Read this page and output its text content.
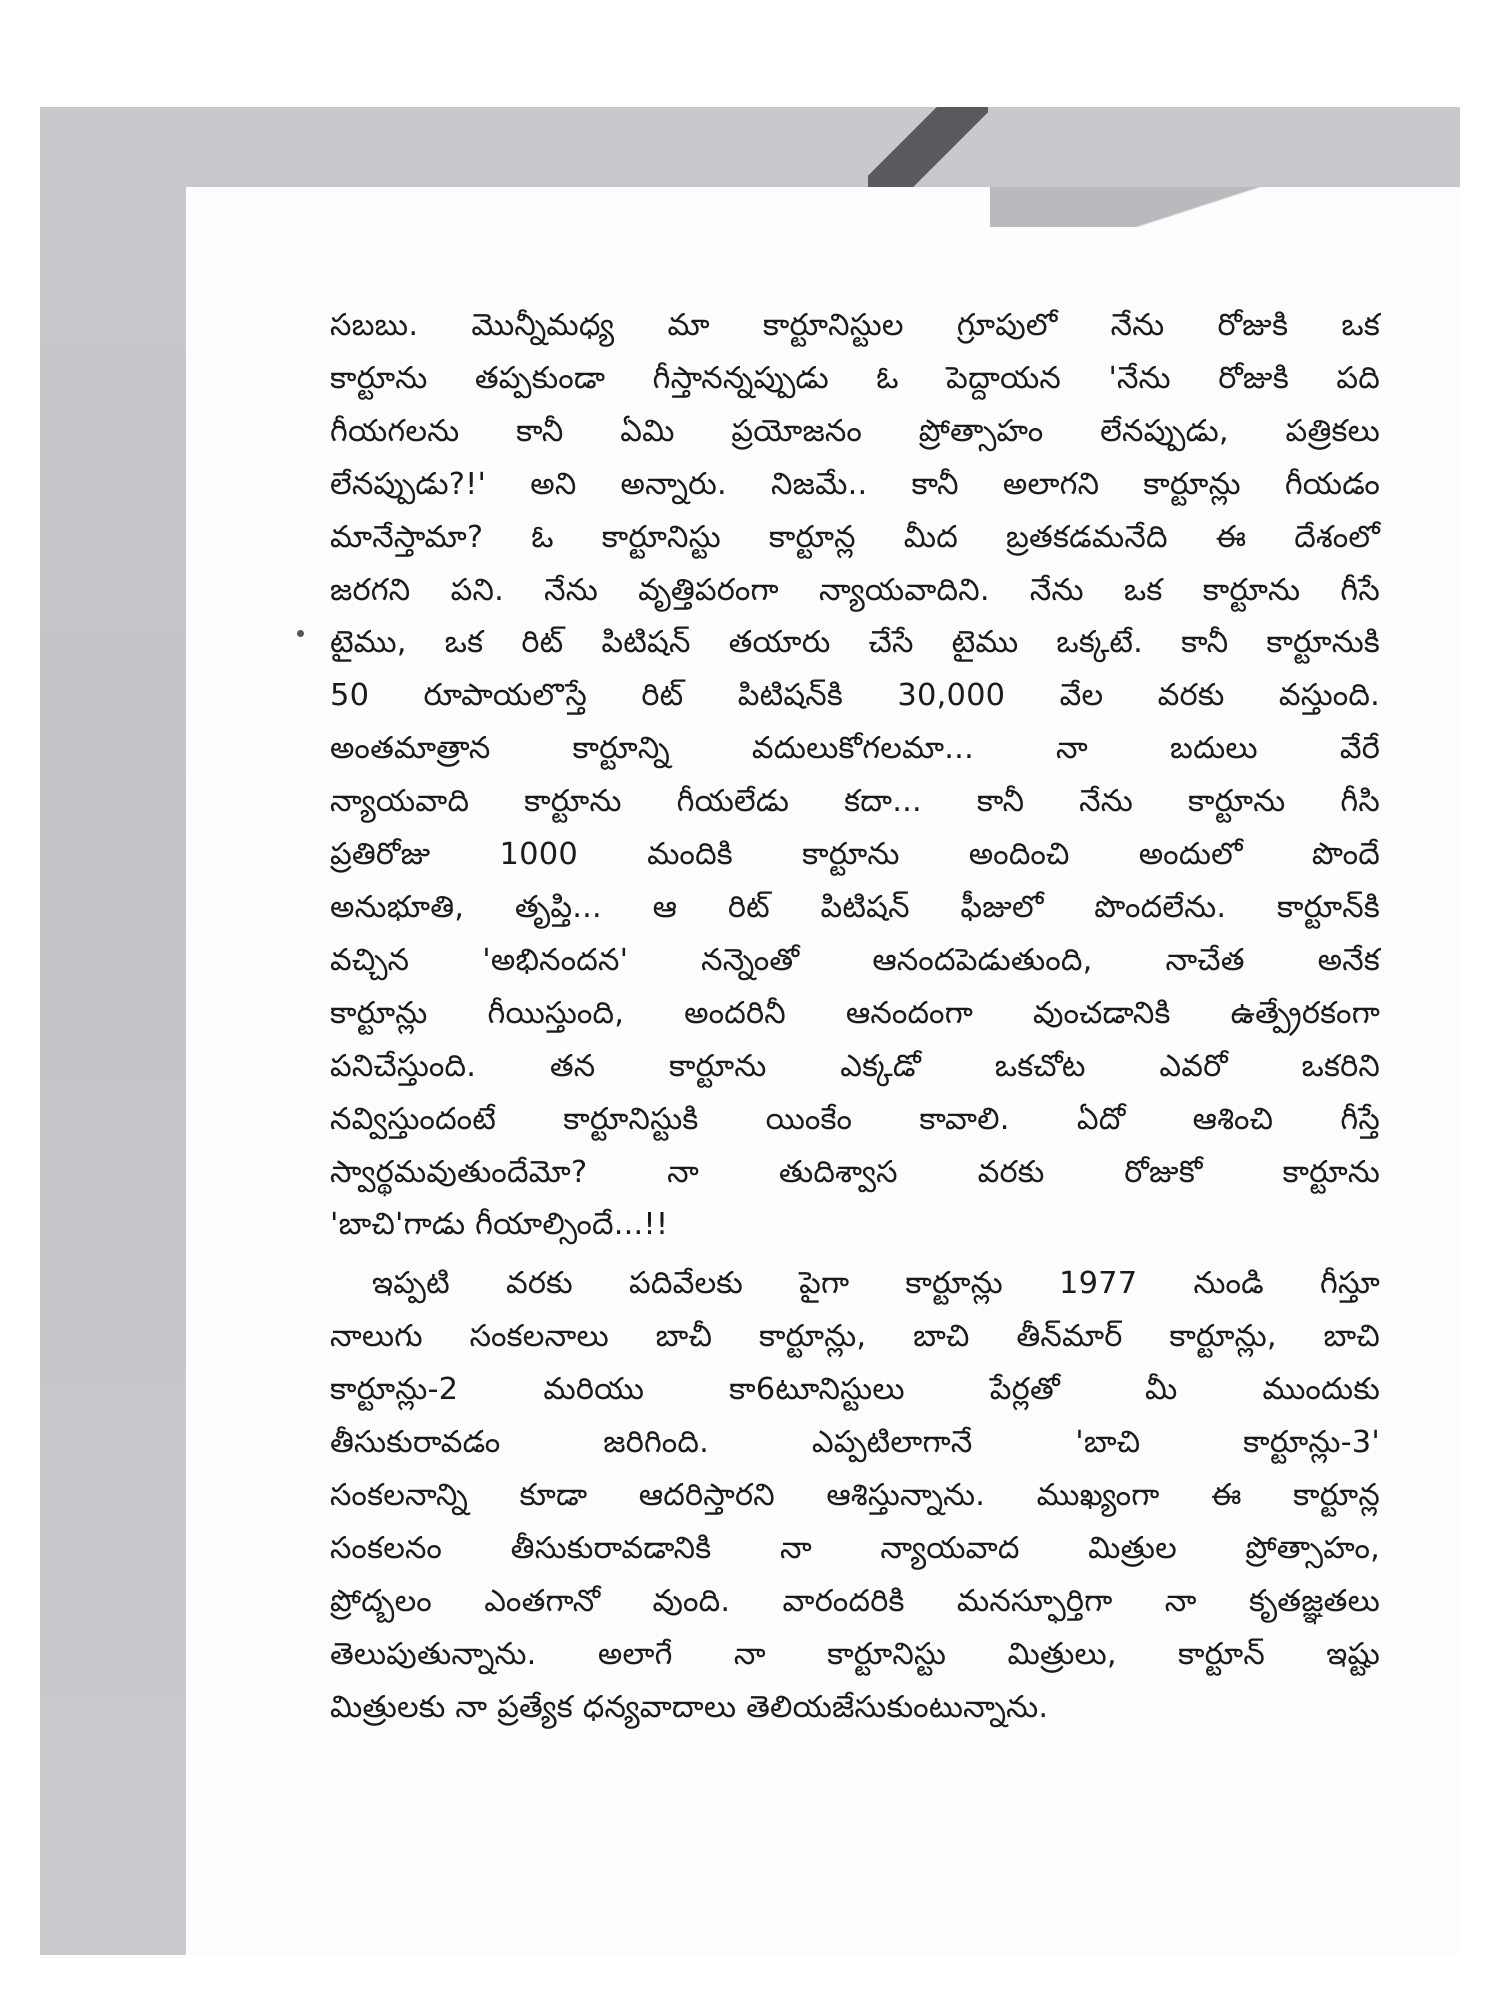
సబబు. మొన్నీమధ్య మా కార్టూనిస్టుల గ్రూపులో నేను రోజుకి ఒక
కార్టూను తప్పకుండా గీస్తానన్నప్పుడు ఓ పెద్దాయన 'నేను రోజుకి పది
గీయగలను కానీ ఏమి ప్రయోజనం ప్రోత్సాహం లేనప్పుడు, పత్రికలు
లేనప్పుడు?!' అని అన్నారు. నిజమే.. కానీ అలాగని కార్టూన్లు గీయడం
మానేస్తామా? ఓ కార్టూనిస్టు కార్టూన్ల మీద బ్రతకడమనేది ఈ దేశంలో
జరగని పని. నేను వృత్తిపరంగా న్యాయవాదిని. నేను ఒక కార్టూను గీసే
టైము, ఒక రిట్ పిటిషన్ తయారు చేసే టైము ఒక్కటే. కానీ కార్టూనుకి
50 రూపాయలొస్తే రిట్ పిటిషన్‌కి 30,000 వేల వరకు వస్తుంది.
అంతమాత్రాన కార్టూన్ని వదులుకోగలమా... నా బదులు వేరే
న్యాయవాది కార్టూను గీయలేడు కదా... కానీ నేను కార్టూను గీసి
ప్రతిరోజు 1000 మందికి కార్టూను అందించి అందులో పొందే
అనుభూతి, తృప్తి... ఆ రిట్ పిటిషన్ ఫీజులో పొందలేను. కార్టూన్‌కి
వచ్చిన 'అభినందన' నన్నెంతో ఆనందపెడుతుంది, నాచేత అనేక
కార్టూన్లు గీయిస్తుంది, అందరినీ ఆనందంగా వుంచడానికి ఉత్ప్రేరకంగా
పనిచేస్తుంది. తన కార్టూను ఎక్కడో ఒకచోట ఎవరో ఒకరిని
నవ్విస్తుందంటే కార్టూనిస్టుకి యింకేం కావాలి. ఏదో ఆశించి గీస్తే
స్వార్థమవుతుందేమో? నా తుదిశ్వాస వరకు రోజుకో కార్టూను
'బాచి'గాడు గీయాల్సిందే...!!
ఇప్పటి వరకు పదివేలకు పైగా కార్టూన్లు 1977 నుండి గీస్తూ
నాలుగు సంకలనాలు బాచీ కార్టూన్లు, బాచి తీన్‌మార్ కార్టూన్లు, బాచి
కార్టూన్లు-2 మరియు కా6టూనిస్టులు పేర్లతో మీ ముందుకు
తీసుకురావడం జరిగింది. ఎప్పటిలాగానే 'బాచి కార్టూన్లు-3'
సంకలనాన్ని కూడా ఆదరిస్తారని ఆశిస్తున్నాను. ముఖ్యంగా ఈ కార్టూన్ల
సంకలనం తీసుకురావడానికి నా న్యాయవాద మిత్రుల ప్రోత్సాహం,
ప్రోద్బలం ఎంతగానో వుంది. వారందరికి మనస్ఫూర్తిగా నా కృతజ్ఞతలు
తెలుపుతున్నాను. అలాగే నా కార్టూనిస్టు మిత్రులు, కార్టూన్ ఇష్టు
మిత్రులకు నా ప్రత్యేక ధన్యవాదాలు తెలియజేసుకుంటున్నాను.
